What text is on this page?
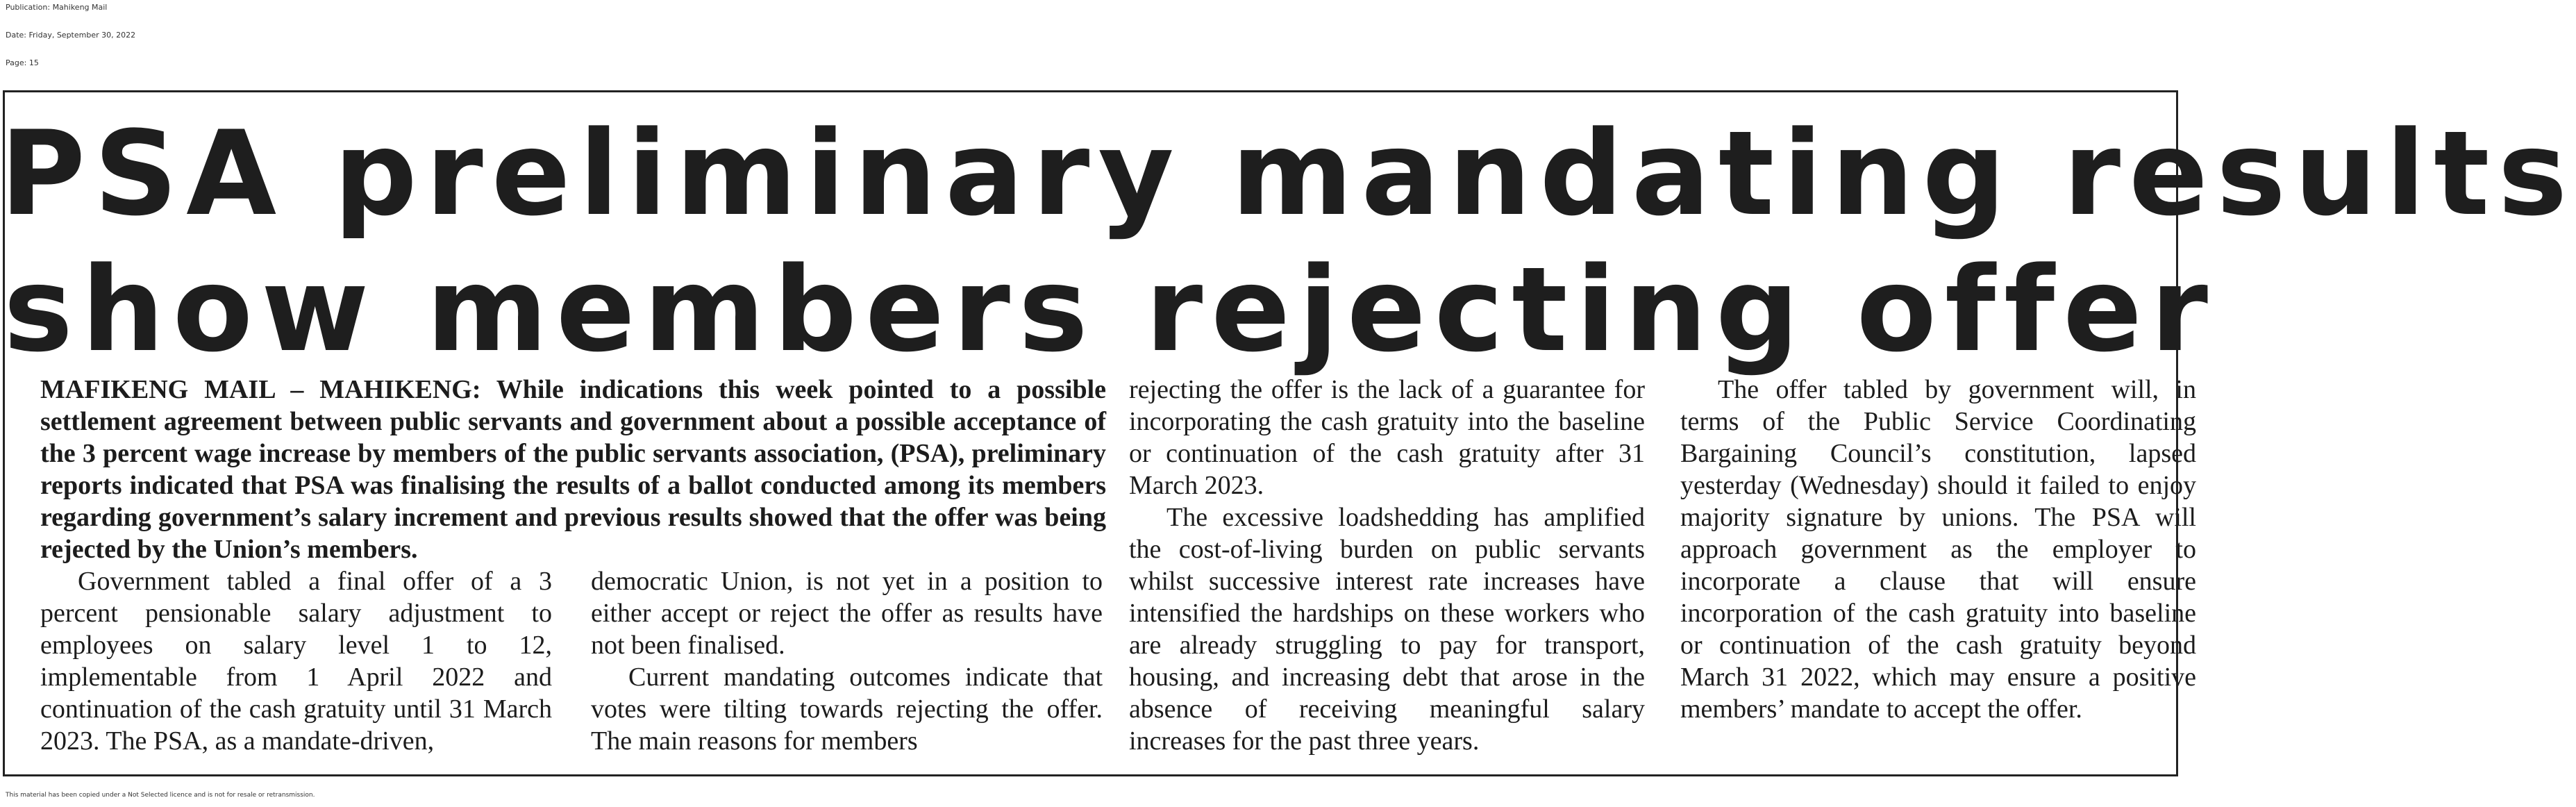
Publication: Mahikeng Mail
Date: Friday, September 30, 2022
Page: 15
PSA preliminary mandating results
show members rejecting offer

MAFIKENG MAIL – MAHIKENG: While indications this week pointed to a possible settlement agreement between public servants and government about a possible acceptance of the 3 percent wage increase by members of the public servants association, (PSA), preliminary reports indicated that PSA was finalising the results of a ballot conducted among its members regarding government’s salary increment and previous results showed that the offer was being rejected by the Union’s members.

Government tabled a final offer of a 3 percent pensionable salary adjustment to employees on salary level 1 to 12, implementable from 1 April 2022 and continuation of the cash gratuity until 31 March 2023. The PSA, as a mandate-driven,

democratic Union, is not yet in a position to either accept or reject the offer as results have not been finalised.

Current mandating outcomes indicate that votes were tilting towards rejecting the offer. The main reasons for members

rejecting the offer is the lack of a guarantee for incorporating the cash gratuity into the baseline or continuation of the cash gratuity after 31 March 2023.

The excessive loadshedding has amplified the cost-of-living burden on public servants whilst successive interest rate increases have intensified the hardships on these workers who are already struggling to pay for transport, housing, and increasing debt that arose in the absence of receiving meaningful salary increases for the past three years.

The offer tabled by government will, in terms of the Public Service Coordinating Bargaining Council’s constitution, lapsed yesterday (Wednesday) should it failed to enjoy majority signature by unions. The PSA will approach government as the employer to incorporate a clause that will ensure incorporation of the cash gratuity into baseline or continuation of the cash gratuity beyond March 31 2022, which may ensure a positive members’ mandate to accept the offer.

This material has been copied under a Not Selected licence and is not for resale or retransmission.
